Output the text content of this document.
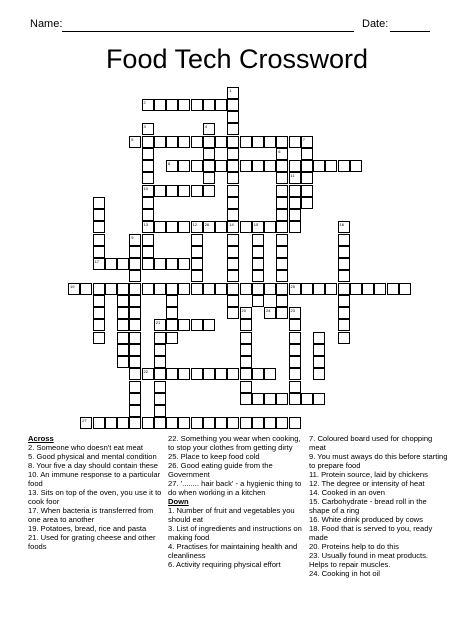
Name:	Date:
Food Tech Crossword
1
14
2
3
10
13
4
5
6
7
8
17
19
21
22
26	15
27
12
9
16
20
25
23
24
11
Across
2. Someone who doesn't eat meat
5. Good physical and mental condition
8. Your five a day should contain these
10. An immune response to a particular food
13. Sits on top of the oven, you use it to cook foor
17. When bacteria is transferred from one area to another
19. Potatoes, bread, rice and pasta
21. Used for grating cheese and other foods
22. Something you wear when cooking, to stop your clothes from getting dirty
25. Place to keep food cold
26. Good eating guide from the Government
27. '........ hair back' - a hygienic thing to do when working in a kitchen
Down
1. Number of fruit and vegetables you should eat
3. List of ingredients and instructions on making food
4. Practises for maintaining health and cleanliness
6. Activity requiring physical effort
7. Coloured board used for chopping meat
9. You must aways do this before starting to prepare food
11. Protein source, laid by chickens
12. The degree or intensity of heat
14. Cooked in an oven
15. Carbohydrate - bread roll in the shape of a ring
16. White drink produced by cows
18. Food that is served to you, ready made
20. Proteins help to do this
23. Usually found in meat products. Helps to repair muscles.
24. Cooking in hot oil
